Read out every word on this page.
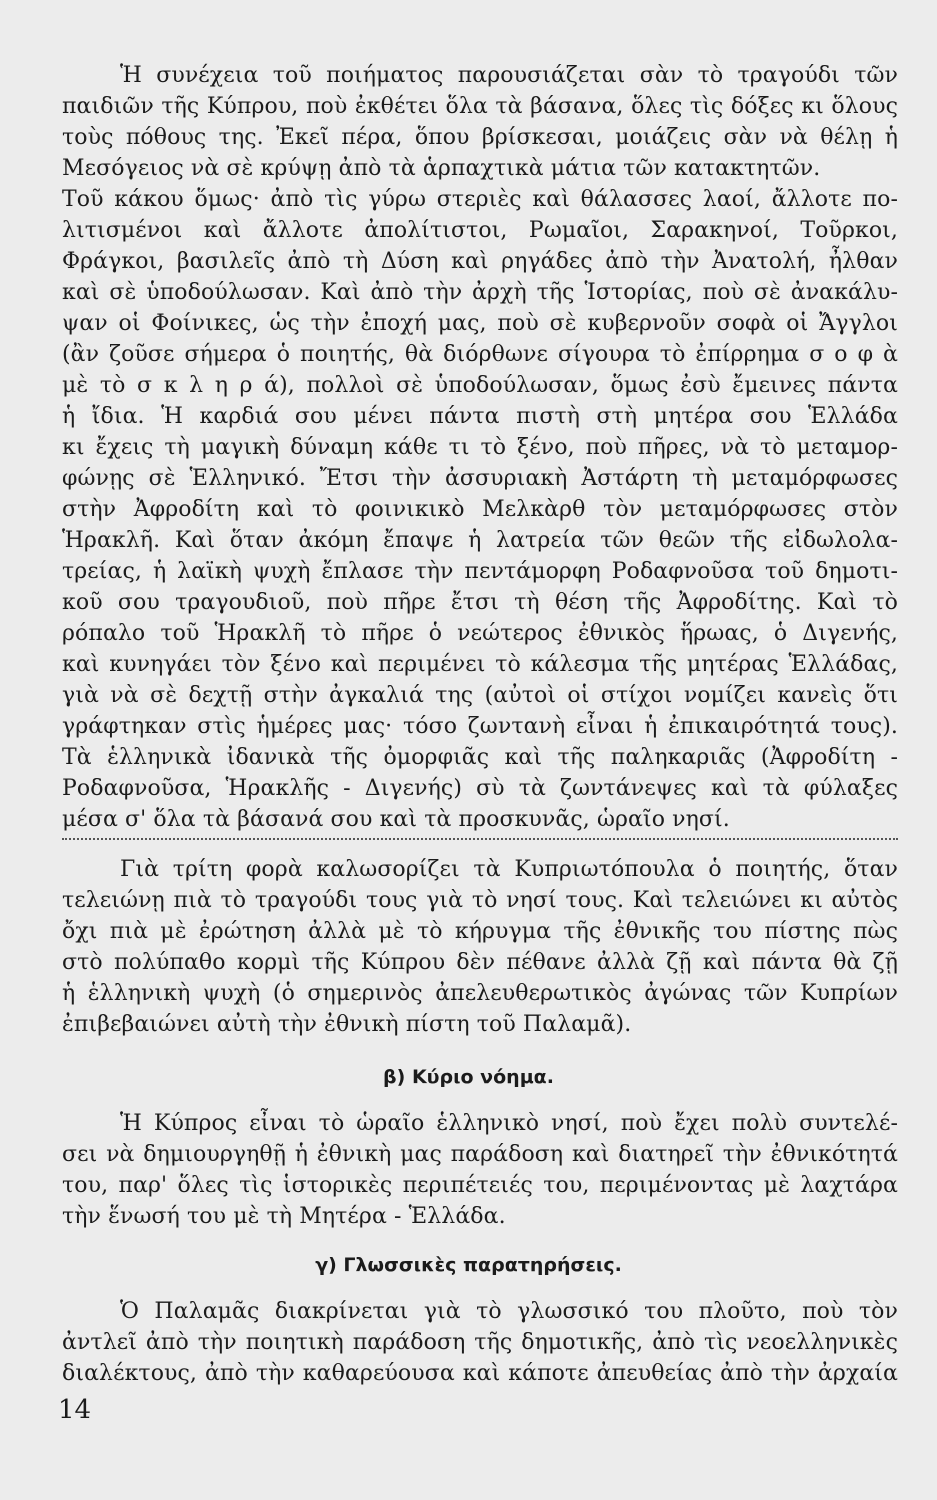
Ἡ συνέχεια τοῦ ποιήματος παρουσιάζεται σὰν τὸ τραγούδι τῶν
παιδιῶν τῆς Κύπρου, ποὺ ἐκθέτει ὅλα τὰ βάσανα, ὅλες τὶς δόξες κι ὅλους
τοὺς πόθους της. Ἐκεῖ πέρα, ὅπου βρίσκεσαι, μοιάζεις σὰν νὰ θέλῃ ἡ
Μεσόγειος νὰ σὲ κρύψῃ ἀπὸ τὰ ἁρπαχτικὰ μάτια τῶν κατακτητῶν.
Τοῦ κάκου ὅμως· ἀπὸ τὶς γύρω στεριὲς καὶ θάλασσες λαοί, ἄλλοτε πο-
λιτισμένοι καὶ ἄλλοτε ἀπολίτιστοι, Ρωμαῖοι, Σαρακηνοί, Τοῦρκοι,
Φράγκοι, βασιλεῖς ἀπὸ τὴ Δύση καὶ ρηγάδες ἀπὸ τὴν Ἀνατολή, ἦλθαν
καὶ σὲ ὑποδούλωσαν. Καὶ ἀπὸ τὴν ἀρχὴ τῆς Ἱστορίας, ποὺ σὲ ἀνακάλυ-
ψαν οἱ Φοίνικες, ὡς τὴν ἐποχή μας, ποὺ σὲ κυβερνοῦν σοφὰ οἱ Ἄγγλοι
(ἂν ζοῦσε σήμερα ὁ ποιητής, θὰ διόρθωνε σίγουρα τὸ ἐπίρρημα σ ο φ ὰ
μὲ τὸ σ κ λ η ρ ά), πολλοὶ σὲ ὑποδούλωσαν, ὅμως ἐσὺ ἔμεινες πάντα
ἡ ἴδια. Ἡ καρδιά σου μένει πάντα πιστὴ στὴ μητέρα σου Ἑλλάδα
κι ἔχεις τὴ μαγικὴ δύναμη κάθε τι τὸ ξένο, ποὺ πῆρες, νὰ τὸ μεταμορ-
φώνῃς σὲ Ἑλληνικό. Ἔτσι τὴν ἀσσυριακὴ Ἀστάρτη τὴ μεταμόρφωσες
στὴν Ἀφροδίτη καὶ τὸ φοινικικὸ Μελκὰρθ τὸν μεταμόρφωσες στὸν
Ἡρακλῆ. Καὶ ὅταν ἀκόμη ἔπαψε ἡ λατρεία τῶν θεῶν τῆς εἰδωλολα-
τρείας, ἡ λαϊκὴ ψυχὴ ἔπλασε τὴν πεντάμορφη Ροδαφνοῦσα τοῦ δημοτι-
κοῦ σου τραγουδιοῦ, ποὺ πῆρε ἔτσι τὴ θέση τῆς Ἀφροδίτης. Καὶ τὸ
ρόπαλο τοῦ Ἡρακλῆ τὸ πῆρε ὁ νεώτερος ἐθνικὸς ἥρωας, ὁ Διγενής,
καὶ κυνηγάει τὸν ξένο καὶ περιμένει τὸ κάλεσμα τῆς μητέρας Ἑλλάδας,
γιὰ νὰ σὲ δεχτῇ στὴν ἀγκαλιά της (αὐτοὶ οἱ στίχοι νομίζει κανεὶς ὅτι
γράφτηκαν στὶς ἡμέρες μας· τόσο ζωντανὴ εἶναι ἡ ἐπικαιρότητά τους).
Τὰ ἑλληνικὰ ἰδανικὰ τῆς ὀμορφιᾶς καὶ τῆς παληκαριᾶς (Ἀφροδίτη -
Ροδαφνοῦσα, Ἡρακλῆς - Διγενής) σὺ τὰ ζωντάνεψες καὶ τὰ φύλαξες
μέσα σ' ὅλα τὰ βάσανά σου καὶ τὰ προσκυνᾶς, ὡραῖο νησί.
Γιὰ τρίτη φορὰ καλωσορίζει τὰ Κυπριωτόπουλα ὁ ποιητής, ὅταν
τελειώνῃ πιὰ τὸ τραγούδι τους γιὰ τὸ νησί τους. Καὶ τελειώνει κι αὐτὸς
ὄχι πιὰ μὲ ἐρώτηση ἀλλὰ μὲ τὸ κήρυγμα τῆς ἐθνικῆς του πίστης πὼς
στὸ πολύπαθο κορμὶ τῆς Κύπρου δὲν πέθανε ἀλλὰ ζῇ καὶ πάντα θὰ ζῇ
ἡ ἑλληνικὴ ψυχὴ (ὁ σημερινὸς ἀπελευθερωτικὸς ἀγώνας τῶν Κυπρίων
ἐπιβεβαιώνει αὐτὴ τὴν ἐθνικὴ πίστη τοῦ Παλαμᾶ).
β) Κύριο νόημα.
Ἡ Κύπρος εἶναι τὸ ὡραῖο ἑλληνικὸ νησί, ποὺ ἔχει πολὺ συντελέ-
σει νὰ δημιουργηθῇ ἡ ἐθνικὴ μας παράδοση καὶ διατηρεῖ τὴν ἐθνικότητά
του, παρ' ὅλες τὶς ἱστορικὲς περιπέτειές του, περιμένοντας μὲ λαχτάρα
τὴν ἕνωσή του μὲ τὴ Μητέρα - Ἑλλάδα.
γ) Γλωσσικὲς παρατηρήσεις.
Ὁ Παλαμᾶς διακρίνεται γιὰ τὸ γλωσσικό του πλοῦτο, ποὺ τὸν
ἀντλεῖ ἀπὸ τὴν ποιητικὴ παράδοση τῆς δημοτικῆς, ἀπὸ τὶς νεοελληνικὲς
διαλέκτους, ἀπὸ τὴν καθαρεύουσα καὶ κάποτε ἀπευθείας ἀπὸ τὴν ἀρχαία
14
